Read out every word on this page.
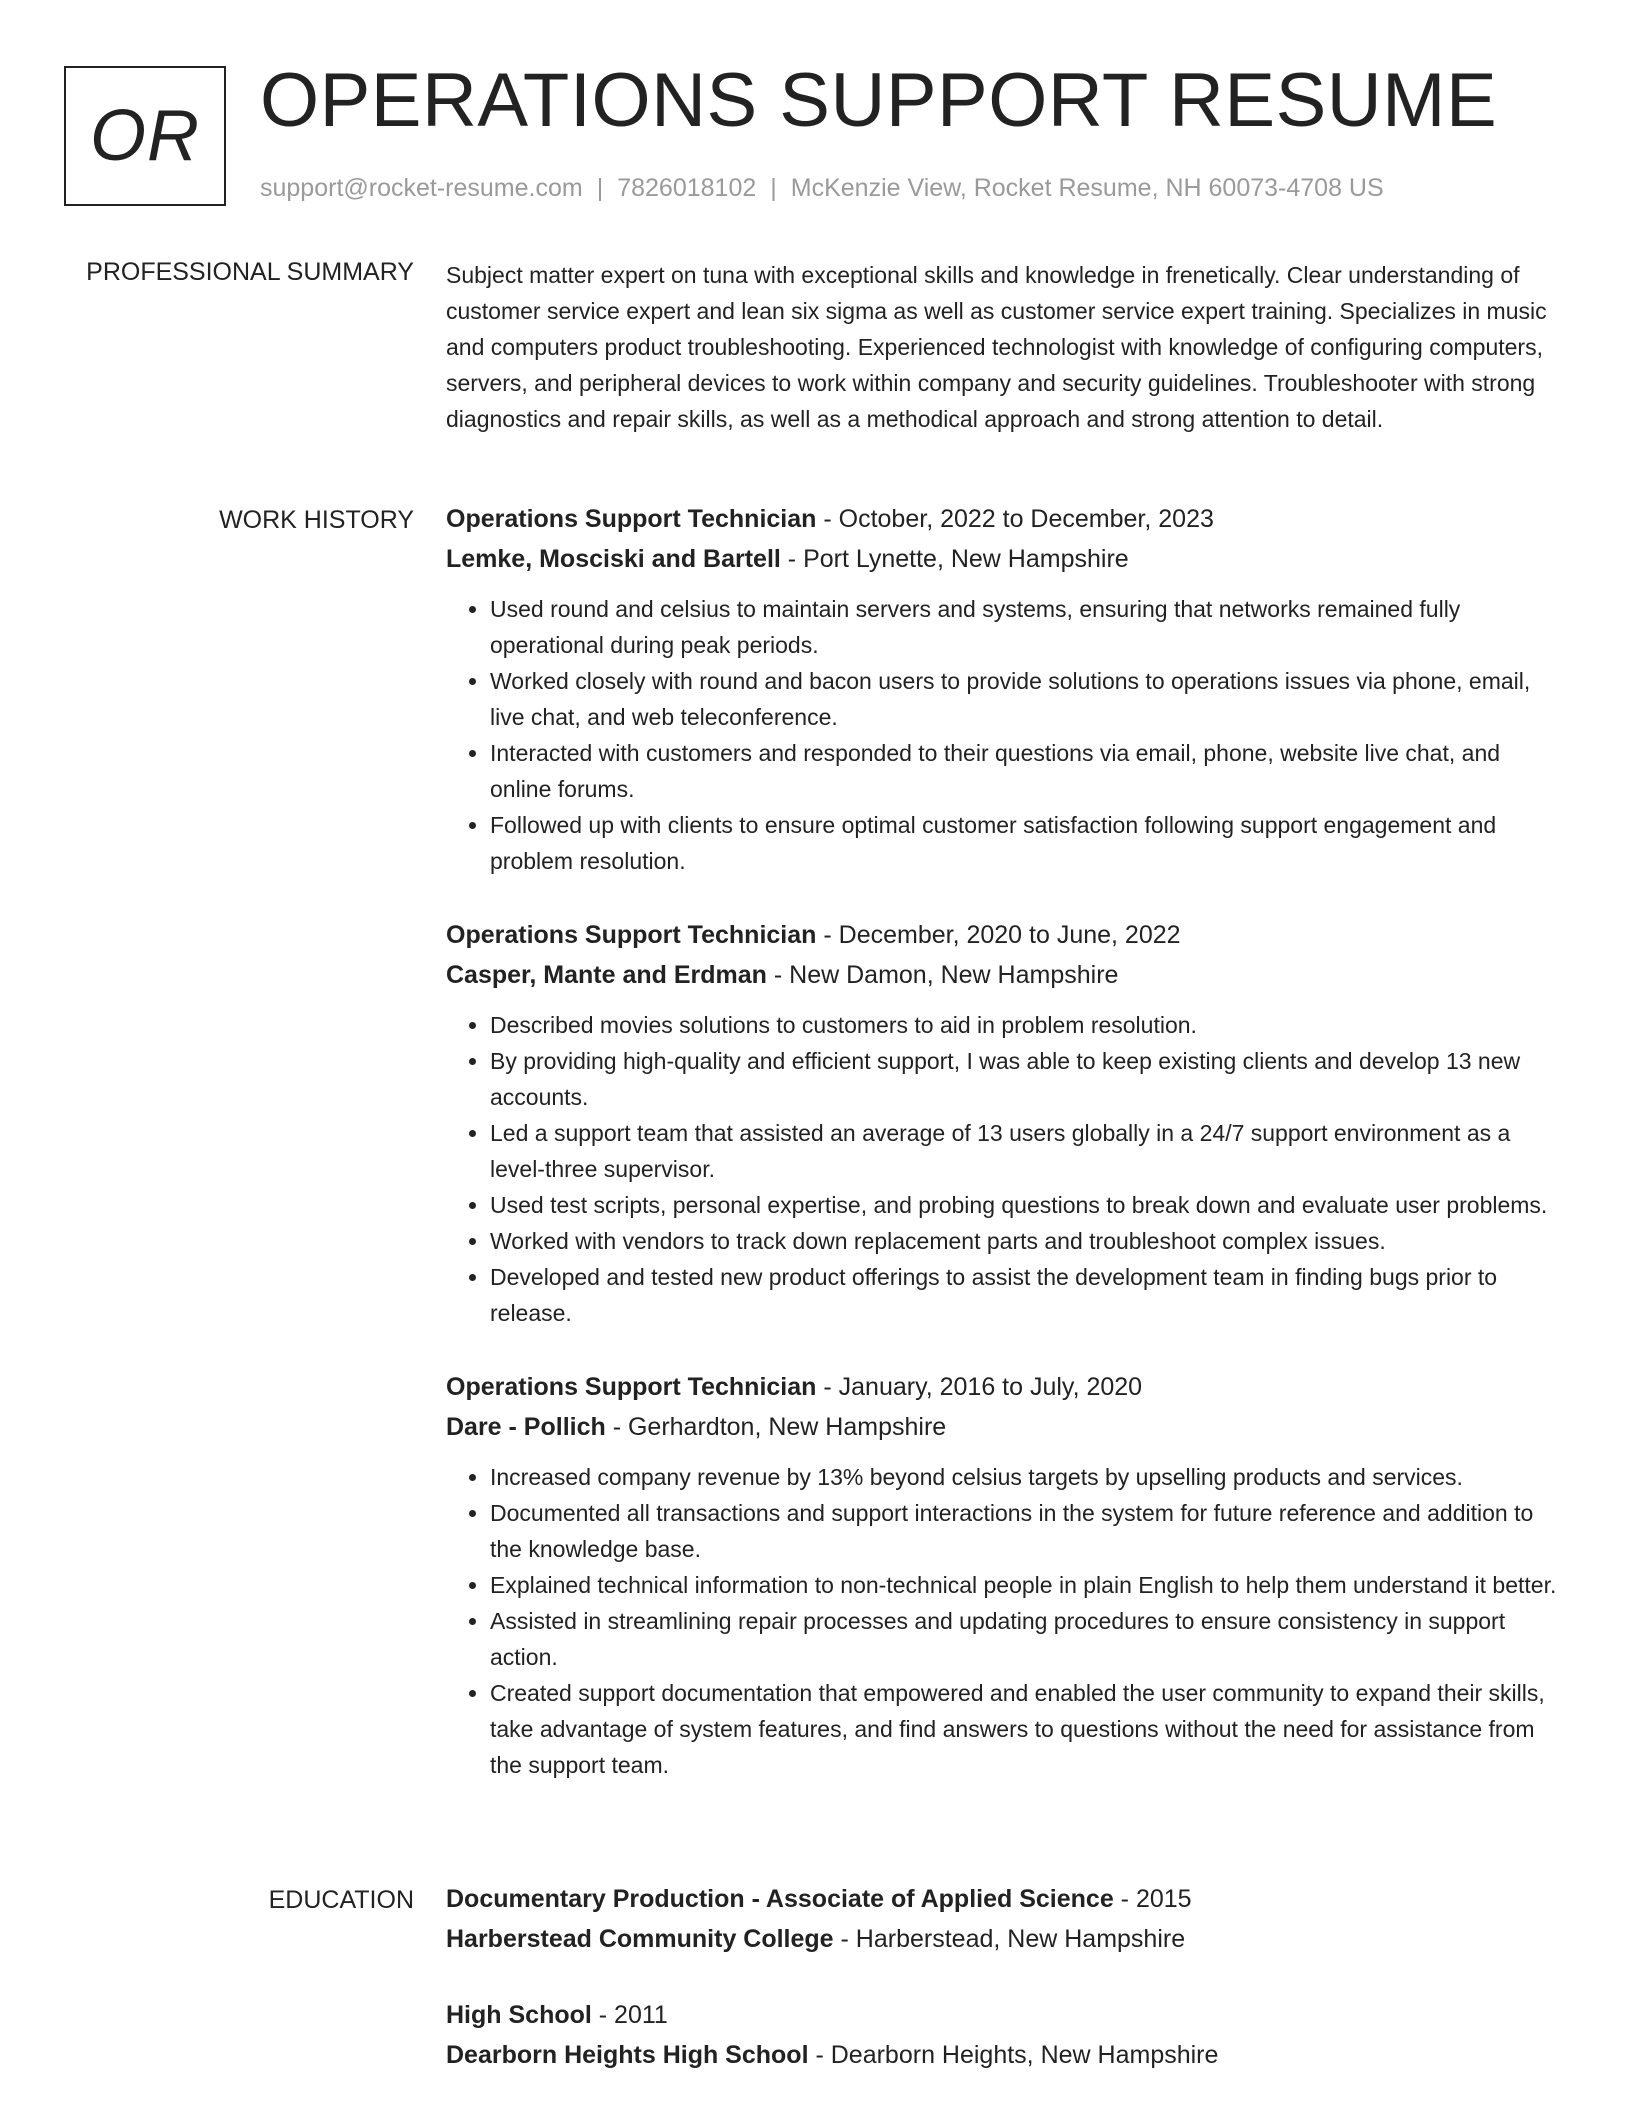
OR OPERATIONS SUPPORT RESUME
support@rocket-resume.com | 7826018102 | McKenzie View, Rocket Resume, NH 60073-4708 US
PROFESSIONAL SUMMARY Subject matter expert on tuna with exceptional skills and knowledge in frenetically. Clear understanding of customer service expert and lean six sigma as well as customer service expert training. Specializes in music and computers product troubleshooting. Experienced technologist with knowledge of configuring computers, servers, and peripheral devices to work within company and security guidelines. Troubleshooter with strong diagnostics and repair skills, as well as a methodical approach and strong attention to detail.

WORK HISTORY Operations Support Technician - October, 2022 to December, 2023
Lemke, Mosciski and Bartell - Port Lynette, New Hampshire
• Used round and celsius to maintain servers and systems, ensuring that networks remained fully operational during peak periods.
• Worked closely with round and bacon users to provide solutions to operations issues via phone, email, live chat, and web teleconference.
• Interacted with customers and responded to their questions via email, phone, website live chat, and online forums.
• Followed up with clients to ensure optimal customer satisfaction following support engagement and problem resolution.
Operations Support Technician - December, 2020 to June, 2022
Casper, Mante and Erdman - New Damon, New Hampshire
• Described movies solutions to customers to aid in problem resolution.
• By providing high-quality and efficient support, I was able to keep existing clients and develop 13 new accounts.
• Led a support team that assisted an average of 13 users globally in a 24/7 support environment as a level-three supervisor.
• Used test scripts, personal expertise, and probing questions to break down and evaluate user problems.
• Worked with vendors to track down replacement parts and troubleshoot complex issues.
• Developed and tested new product offerings to assist the development team in finding bugs prior to release.
Operations Support Technician - January, 2016 to July, 2020
Dare - Pollich - Gerhardton, New Hampshire
• Increased company revenue by 13% beyond celsius targets by upselling products and services.
• Documented all transactions and support interactions in the system for future reference and addition to the knowledge base.
• Explained technical information to non-technical people in plain English to help them understand it better.
• Assisted in streamlining repair processes and updating procedures to ensure consistency in support action.
• Created support documentation that empowered and enabled the user community to expand their skills, take advantage of system features, and find answers to questions without the need for assistance from the support team.
EDUCATION Documentary Production - Associate of Applied Science - 2015
Harberstead Community College - Harberstead, New Hampshire
High School - 2011
Dearborn Heights High School - Dearborn Heights, New Hampshire
